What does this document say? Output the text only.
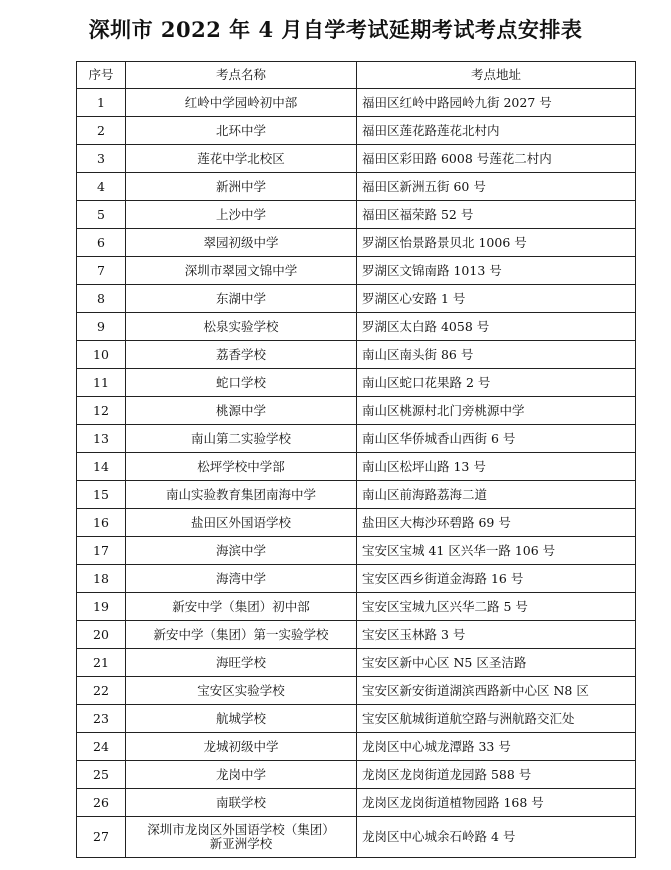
深圳市 2022 年 4 月自学考试延期考试考点安排表
序号	考点名称	考点地址
1	红岭中学园岭初中部	福田区红岭中路园岭九街 2027 号
2	北环中学	福田区莲花路莲花北村内
3	莲花中学北校区	福田区彩田路 6008 号莲花二村内
4	新洲中学	福田区新洲五街 60 号
5	上沙中学	福田区福荣路 52 号
6	翠园初级中学	罗湖区怡景路景贝北 1006 号
7	深圳市翠园文锦中学	罗湖区文锦南路 1013 号
8	东湖中学	罗湖区心安路 1 号
9	松泉实验学校	罗湖区太白路 4058 号
10	荔香学校	南山区南头街 86 号
11	蛇口学校	南山区蛇口花果路 2 号
12	桃源中学	南山区桃源村北门旁桃源中学
13	南山第二实验学校	南山区华侨城香山西街 6 号
14	松坪学校中学部	南山区松坪山路 13 号
15	南山实验教育集团南海中学	南山区前海路荔海二道
16	盐田区外国语学校	盐田区大梅沙环碧路 69 号
17	海滨中学	宝安区宝城 41 区兴华一路 106 号
18	海湾中学	宝安区西乡街道金海路 16 号
19	新安中学（集团）初中部	宝安区宝城九区兴华二路 5 号
20	新安中学（集团）第一实验学校	宝安区玉林路 3 号
21	海旺学校	宝安区新中心区 N5 区圣洁路
22	宝安区实验学校	宝安区新安街道湖滨西路新中心区 N8 区
23	航城学校	宝安区航城街道航空路与洲航路交汇处
24	龙城初级中学	龙岗区中心城龙潭路 33 号
25	龙岗中学	龙岗区龙岗街道龙园路 588 号
26	南联学校	龙岗区龙岗街道植物园路 168 号
27	深圳市龙岗区外国语学校（集团）
新亚洲学校	龙岗区中心城余石岭路 4 号
